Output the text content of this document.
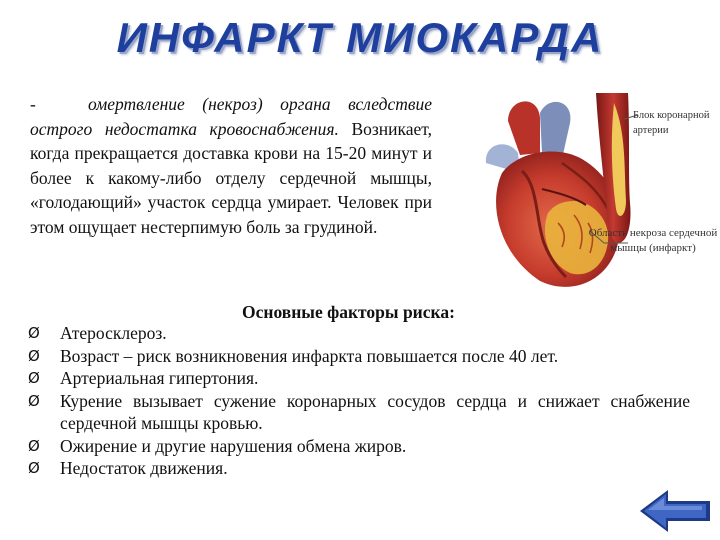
ИНФАРКТ МИОКАРДА
-	омертвление (некроз) органа вследствие острого недостатка кровоснабжения. Возникает, когда прекращается доставка крови на 15-20 минут и более к какому-либо отделу сердечной мышцы, «голодающий» участок сердца умирает. Человек при этом ощущает нестерпимую боль за грудиной.
Блок коронарной артерии
Область некроза сердечной мышцы (инфаркт)
Основные факторы риска:
Ø	Атеросклероз.
Ø	Возраст – риск возникновения инфаркта повышается после 40 лет.
Ø	Артериальная гипертония.
Ø	Курение вызывает сужение коронарных сосудов сердца и снижает снабжение сердечной мышцы кровью.
Ø	Ожирение и другие нарушения обмена жиров.
Ø	Недостаток движения.
